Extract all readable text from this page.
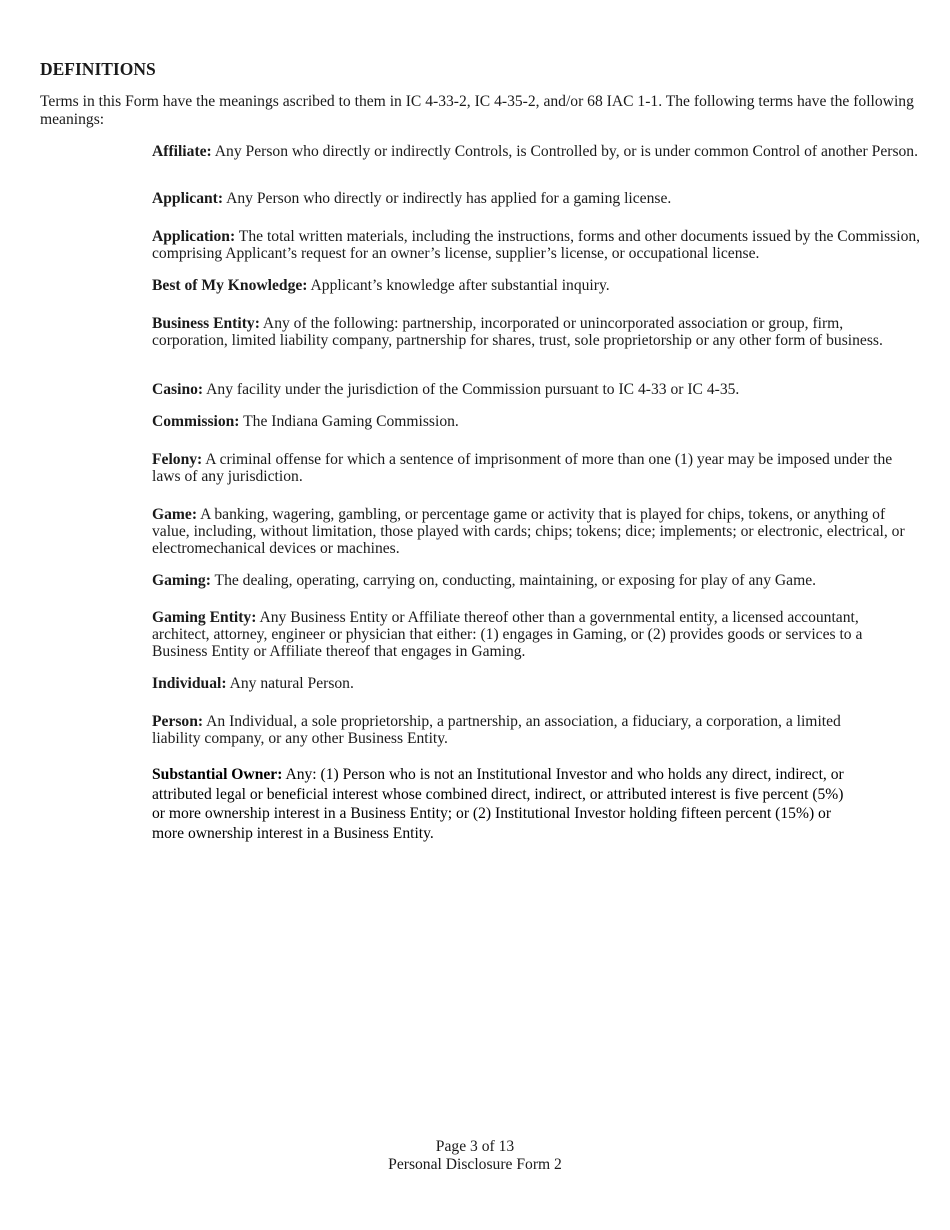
DEFINITIONS

Terms in this Form have the meanings ascribed to them in IC 4-33-2, IC 4-35-2, and/or 68 IAC 1-1. The following terms have the following meanings:

Affiliate: Any Person who directly or indirectly Controls, is Controlled by, or is under common Control of another Person.

Applicant: Any Person who directly or indirectly has applied for a gaming license.

Application: The total written materials, including the instructions, forms and other documents issued by the Commission, comprising Applicant’s request for an owner’s license, supplier’s license, or occupational license.

Best of My Knowledge: Applicant’s knowledge after substantial inquiry.

Business Entity: Any of the following: partnership, incorporated or unincorporated association or group, firm, corporation, limited liability company, partnership for shares, trust, sole proprietorship or any other form of business.

Casino: Any facility under the jurisdiction of the Commission pursuant to IC 4-33 or IC 4-35.

Commission: The Indiana Gaming Commission.

Felony: A criminal offense for which a sentence of imprisonment of more than one (1) year may be imposed under the laws of any jurisdiction.

Game: A banking, wagering, gambling, or percentage game or activity that is played for chips, tokens, or anything of value, including, without limitation, those played with cards; chips; tokens; dice; implements; or electronic, electrical, or electromechanical devices or machines.

Gaming: The dealing, operating, carrying on, conducting, maintaining, or exposing for play of any Game.

Gaming Entity: Any Business Entity or Affiliate thereof other than a governmental entity, a licensed accountant, architect, attorney, engineer or physician that either: (1) engages in Gaming, or (2) provides goods or services to a Business Entity or Affiliate thereof that engages in Gaming.

Individual: Any natural Person.

Person: An Individual, a sole proprietorship, a partnership, an association, a fiduciary, a corporation, a limited liability company, or any other Business Entity.

Substantial Owner: Any: (1) Person who is not an Institutional Investor and who holds any direct, indirect, or attributed legal or beneficial interest whose combined direct, indirect, or attributed interest is five percent (5%) or more ownership interest in a Business Entity; or (2) Institutional Investor holding fifteen percent (15%) or more ownership interest in a Business Entity.

Page 3 of 13

Personal Disclosure Form 2
